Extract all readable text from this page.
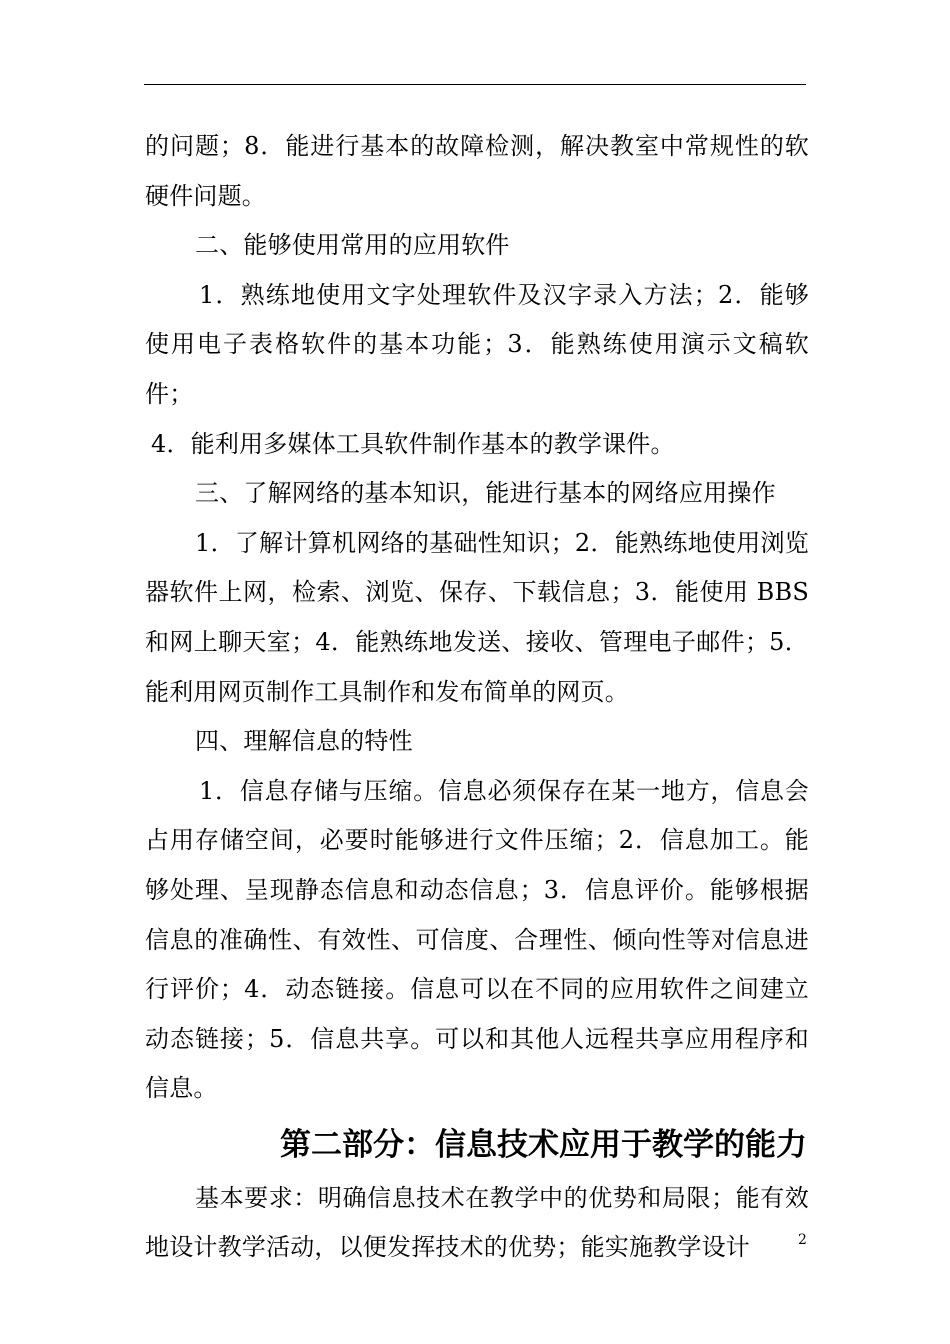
的问题；8．能进行基本的故障检测，解决教室中常规性的软硬件问题。

二、能够使用常用的应用软件

1．熟练地使用文字处理软件及汉字录入方法；2．能够使用电子表格软件的基本功能；3．能熟练使用演示文稿软件；

4．能利用多媒体工具软件制作基本的教学课件。

三、了解网络的基本知识，能进行基本的网络应用操作

1．了解计算机网络的基础性知识；2．能熟练地使用浏览器软件上网，检索、浏览、保存、下载信息；3．能使用 BBS 和网上聊天室；4．能熟练地发送、接收、管理电子邮件；5．能利用网页制作工具制作和发布简单的网页。

四、理解信息的特性

1．信息存储与压缩。信息必须保存在某一地方，信息会占用存储空间，必要时能够进行文件压缩；2．信息加工。能够处理、呈现静态信息和动态信息；3．信息评价。能够根据信息的准确性、有效性、可信度、合理性、倾向性等对信息进行评价；4．动态链接。信息可以在不同的应用软件之间建立动态链接；5．信息共享。可以和其他人远程共享应用程序和信息。

第二部分：信息技术应用于教学的能力

基本要求：明确信息技术在教学中的优势和局限；能有效地设计教学活动，以便发挥技术的优势；能实施教学设计	2
